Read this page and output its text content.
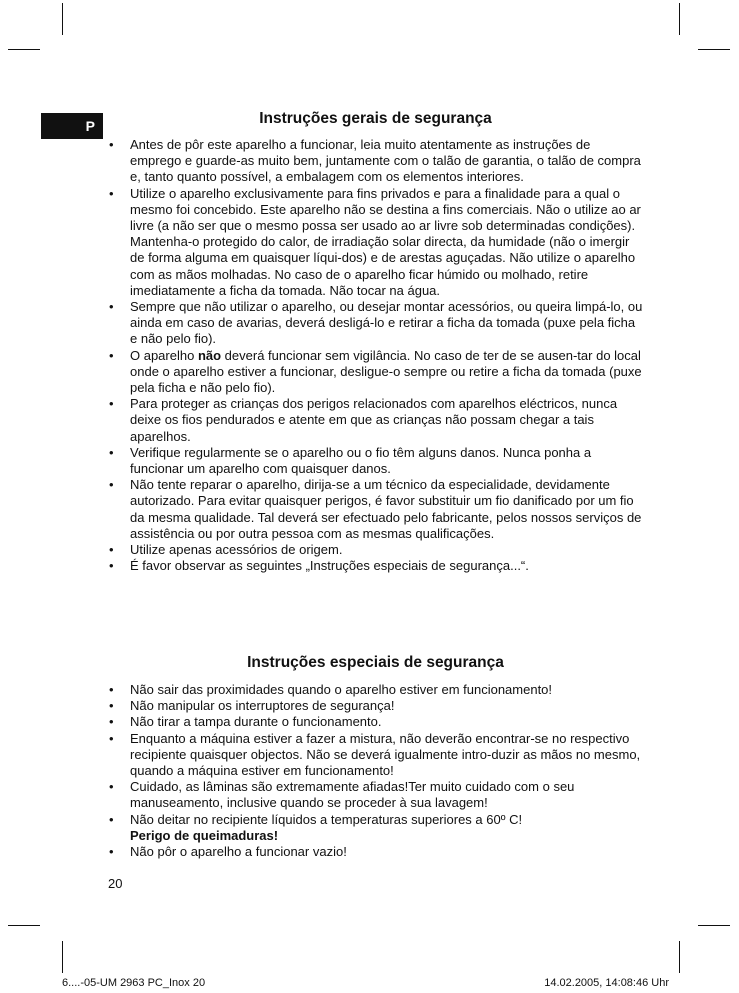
P	Instruções gerais de segurança
• Antes de pôr este aparelho a funcionar, leia muito atentamente as instruções de emprego e guarde-as muito bem, juntamente com o talão de garantia, o talão de compra e, tanto quanto possível, a embalagem com os elementos interiores.
• Utilize o aparelho exclusivamente para fins privados e para a finalidade para a qual o mesmo foi concebido. Este aparelho não se destina a fins comerciais. Não o utilize ao ar livre (a não ser que o mesmo possa ser usado ao ar livre sob determinadas condições). Mantenha-o protegido do calor, de irradiação solar directa, da humidade (não o imergir de forma alguma em quaisquer líqui-dos) e de arestas aguçadas. Não utilize o aparelho com as mãos molhadas. No caso de o aparelho ficar húmido ou molhado, retire imediatamente a ficha da tomada. Não tocar na água.
• Sempre que não utilizar o aparelho, ou desejar montar acessórios, ou queira limpá-lo, ou ainda em caso de avarias, deverá desligá-lo e retirar a ficha da tomada (puxe pela ficha e não pelo fio).
• O aparelho não deverá funcionar sem vigilância. No caso de ter de se ausen-tar do local onde o aparelho estiver a funcionar, desligue-o sempre ou retire a ficha da tomada (puxe pela ficha e não pelo fio).
• Para proteger as crianças dos perigos relacionados com aparelhos eléctricos, nunca deixe os fios pendurados e atente em que as crianças não possam chegar a tais aparelhos.
• Verifique regularmente se o aparelho ou o fio têm alguns danos. Nunca ponha a funcionar um aparelho com quaisquer danos.
• Não tente reparar o aparelho, dirija-se a um técnico da especialidade, devidamente autorizado. Para evitar quaisquer perigos, é favor substituir um fio danificado por um fio da mesma qualidade. Tal deverá ser efectuado pelo fabricante, pelos nossos serviços de assistência ou por outra pessoa com as mesmas qualificações.
• Utilize apenas acessórios de origem.
• É favor observar as seguintes „Instruções especiais de segurança...“.
Instruções especiais de segurança
• Não sair das proximidades quando o aparelho estiver em funcionamento!
• Não manipular os interruptores de segurança!
• Não tirar a tampa durante o funcionamento.
• Enquanto a máquina estiver a fazer a mistura, não deverão encontrar-se no respectivo recipiente quaisquer objectos. Não se deverá igualmente intro-duzir as mãos no mesmo, quando a máquina estiver em funcionamento!
• Cuidado, as lâminas são extremamente afiadas!Ter muito cuidado com o seu manuseamento, inclusive quando se proceder à sua lavagem!
• Não deitar no recipiente líquidos a temperaturas superiores a 60º C!
Perigo de queimaduras!
• Não pôr o aparelho a funcionar vazio!
20
6....-05-UM 2963 PC_Inox 20	14.02.2005, 14:08:46 Uhr
